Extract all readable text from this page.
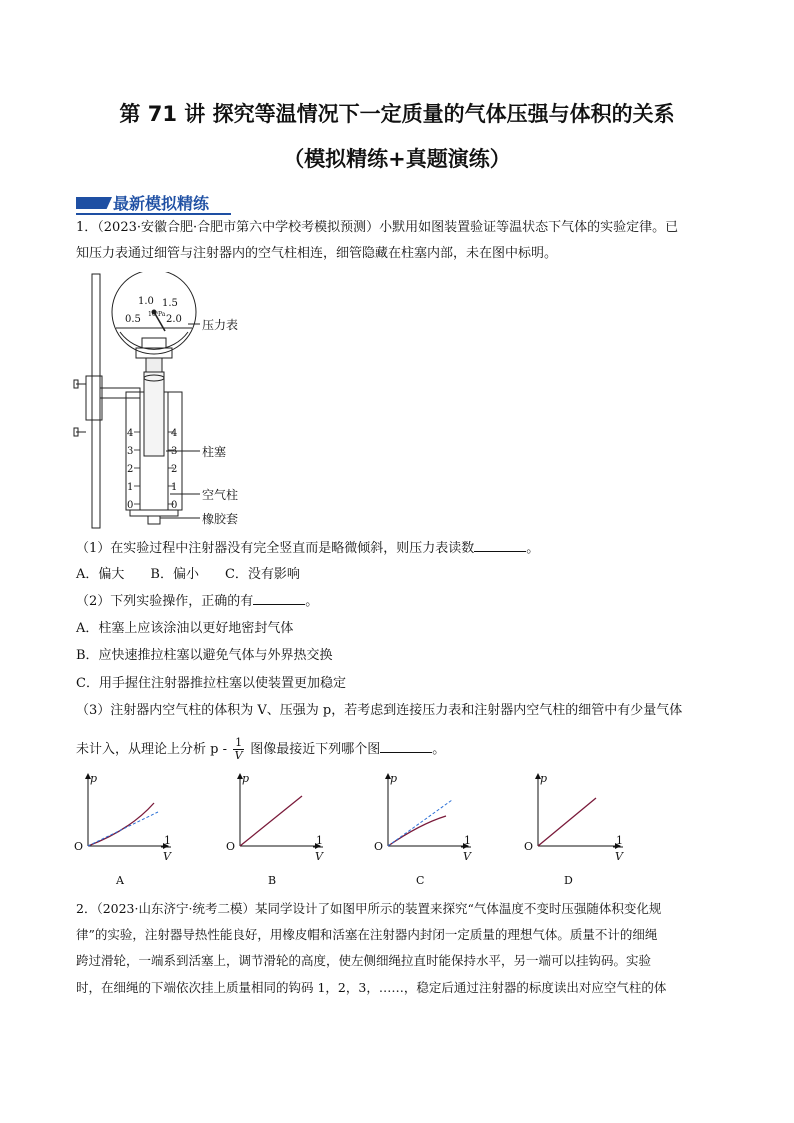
第 71 讲 探究等温情况下一定质量的气体压强与体积的关系
（模拟精练+真题演练）
最新模拟精练
1．（2023·安徽合肥·合肥市第六中学校考模拟预测）小默用如图装置验证等温状态下气体的实验定律。已
知压力表通过细管与注射器内的空气柱相连，细管隐藏在柱塞内部，未在图中标明。
1.0 1.5
0.5	2.0
10⁵Pa
压力表
柱塞
空气柱
橡胶套
4
3
2
1
0
4
3
2
1
0
（1）在实验过程中注射器没有完全竖直而是略微倾斜，则压力表读数	。
A．偏大　　B．偏小　　C．没有影响
（2）下列实验操作，正确的有	。
A．柱塞上应该涂油以更好地密封气体
B．应快速推拉柱塞以避免气体与外界热交换
C．用手握住注射器推拉柱塞以使装置更加稳定
（3）注射器内空气柱的体积为 V、压强为 p，若考虑到连接压力表和注射器内空气柱的细管中有少量气体
未计入，从理论上分析 p - $\frac{1}{V}$ 图像最接近下列哪个图	。
p
O	1
V
A
p
O	1
V
B
p
O	1
V
C
p
O	1
V
D
2．（2023·山东济宁·统考二模）某同学设计了如图甲所示的装置来探究“气体温度不变时压强随体积变化规
律”的实验，注射器导热性能良好，用橡皮帽和活塞在注射器内封闭一定质量的理想气体。质量不计的细绳
跨过滑轮，一端系到活塞上，调节滑轮的高度，使左侧细绳拉直时能保持水平，另一端可以挂钩码。实验
时，在细绳的下端依次挂上质量相同的钩码 1，2，3，……，稳定后通过注射器的标度读出对应空气柱的体
